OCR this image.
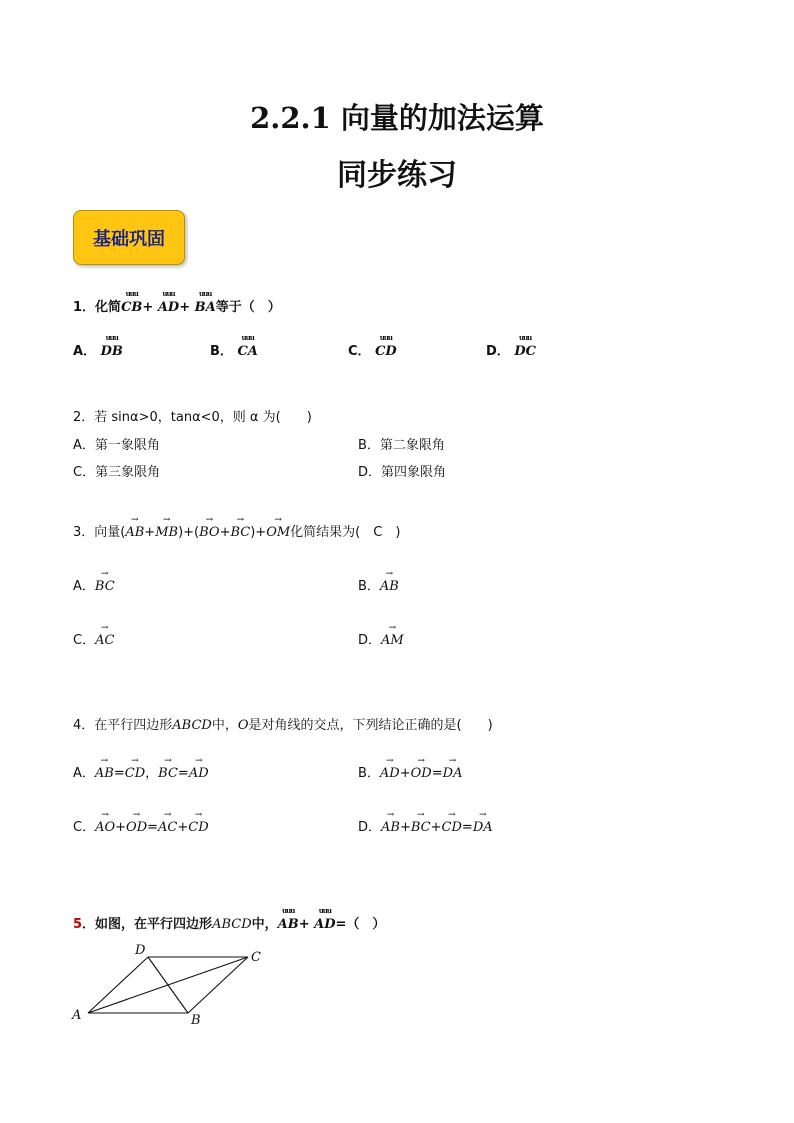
2.2.1 向量的加法运算
同步练习
基础巩固
1．化简uuu CB+ uuu AD+ uuu BA等于（　）
A． uuu DB	B． uuu CA	C． uuu CD	D． uuu DC
2．若 sinα>0，tanα<0，则 α 为(　　)
A．第一象限角	B．第二象限角
C．第三象限角	D．第四象限角
3．向量(→ AB+→ MB)+(→ BO+→ BC)+→ OM化简结果为(　C　)
A．→ BC	B．→ AB
C．→ AC	D．→ AM
4．在平行四边形ABCD中，O是对角线的交点，下列结论正确的是(　　)
A．→ AB=→ CD，→ BC=→ AD	B．→ AD+→ OD=→ DA
C．→ AO+→ OD=→ AC+→ CD	D．→ AB+→ BC+→ CD=→ DA
5．如图，在平行四边形ABCD中，uuu AB+ uuu AD=（　）
A	B
C
D
